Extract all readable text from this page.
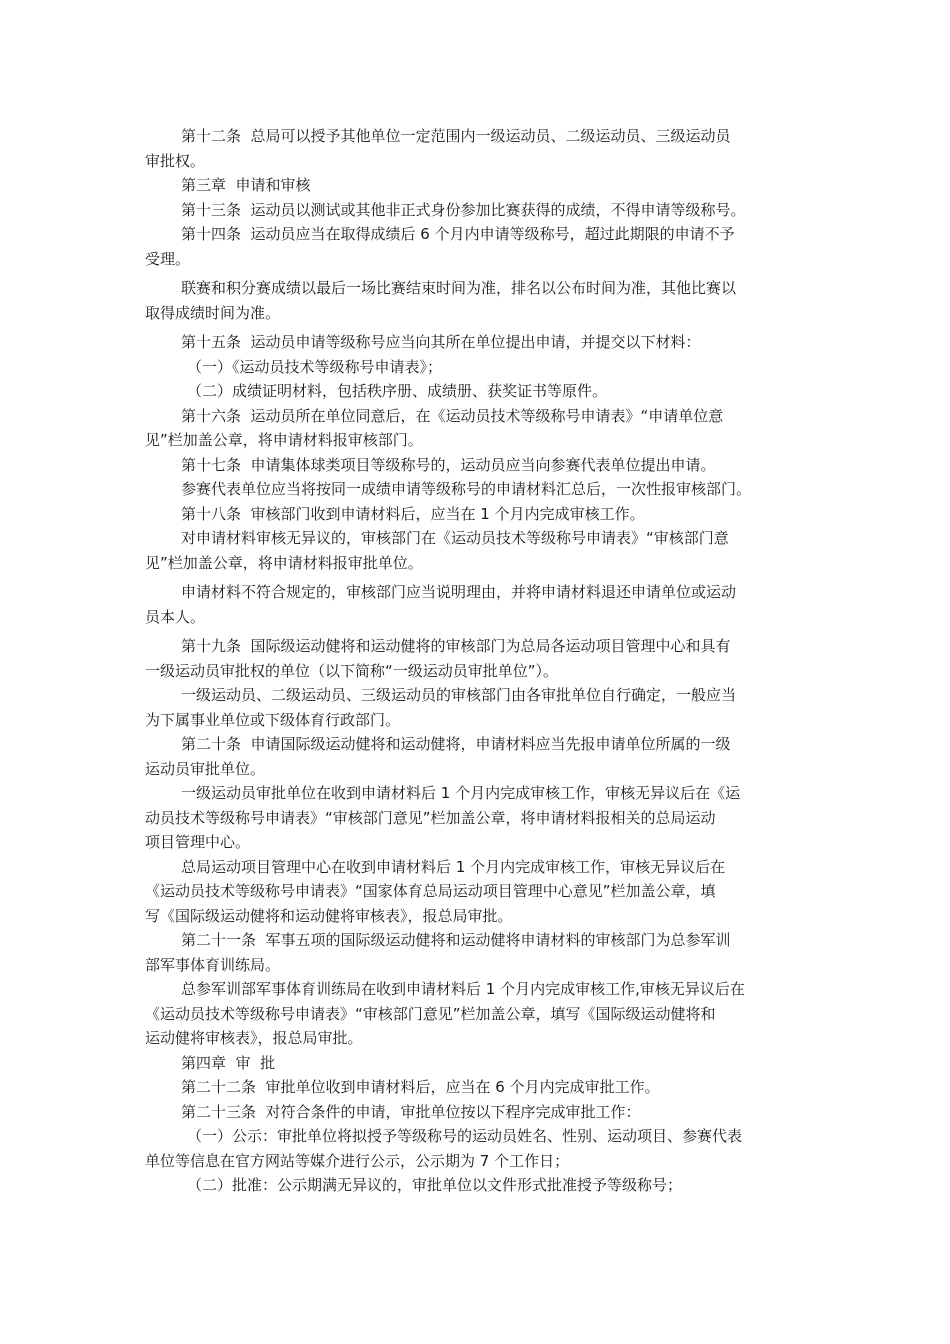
第十二条  总局可以授予其他单位一定范围内一级运动员、二级运动员、三级运动员
审批权。
第三章  申请和审核
第十三条  运动员以测试或其他非正式身份参加比赛获得的成绩，不得申请等级称号。
第十四条  运动员应当在取得成绩后 6 个月内申请等级称号，超过此期限的申请不予
受理。
联赛和积分赛成绩以最后一场比赛结束时间为准，排名以公布时间为准，其他比赛以
取得成绩时间为准。
第十五条  运动员申请等级称号应当向其所在单位提出申请，并提交以下材料：
（一）《运动员技术等级称号申请表》；
（二）成绩证明材料，包括秩序册、成绩册、获奖证书等原件。
第十六条  运动员所在单位同意后，在《运动员技术等级称号申请表》“申请单位意
见”栏加盖公章，将申请材料报审核部门。
第十七条  申请集体球类项目等级称号的，运动员应当向参赛代表单位提出申请。
参赛代表单位应当将按同一成绩申请等级称号的申请材料汇总后，一次性报审核部门。
第十八条  审核部门收到申请材料后，应当在 1 个月内完成审核工作。
对申请材料审核无异议的，审核部门在《运动员技术等级称号申请表》“审核部门意
见”栏加盖公章，将申请材料报审批单位。
申请材料不符合规定的，审核部门应当说明理由，并将申请材料退还申请单位或运动
员本人。
第十九条  国际级运动健将和运动健将的审核部门为总局各运动项目管理中心和具有
一级运动员审批权的单位（以下简称“一级运动员审批单位”）。
一级运动员、二级运动员、三级运动员的审核部门由各审批单位自行确定，一般应当
为下属事业单位或下级体育行政部门。
第二十条  申请国际级运动健将和运动健将，申请材料应当先报申请单位所属的一级
运动员审批单位。
一级运动员审批单位在收到申请材料后 1 个月内完成审核工作，审核无异议后在《运
动员技术等级称号申请表》“审核部门意见”栏加盖公章，将申请材料报相关的总局运动
项目管理中心。
总局运动项目管理中心在收到申请材料后 1 个月内完成审核工作，审核无异议后在
《运动员技术等级称号申请表》“国家体育总局运动项目管理中心意见”栏加盖公章，填
写《国际级运动健将和运动健将审核表》，报总局审批。
第二十一条  军事五项的国际级运动健将和运动健将申请材料的审核部门为总参军训
部军事体育训练局。
总参军训部军事体育训练局在收到申请材料后 1 个月内完成审核工作,审核无异议后在
《运动员技术等级称号申请表》“审核部门意见”栏加盖公章，填写《国际级运动健将和
运动健将审核表》，报总局审批。
第四章  审  批
第二十二条  审批单位收到申请材料后，应当在 6 个月内完成审批工作。
第二十三条  对符合条件的申请，审批单位按以下程序完成审批工作：
（一）公示：审批单位将拟授予等级称号的运动员姓名、性别、运动项目、参赛代表
单位等信息在官方网站等媒介进行公示，公示期为 7 个工作日；
（二）批准：公示期满无异议的，审批单位以文件形式批准授予等级称号；
